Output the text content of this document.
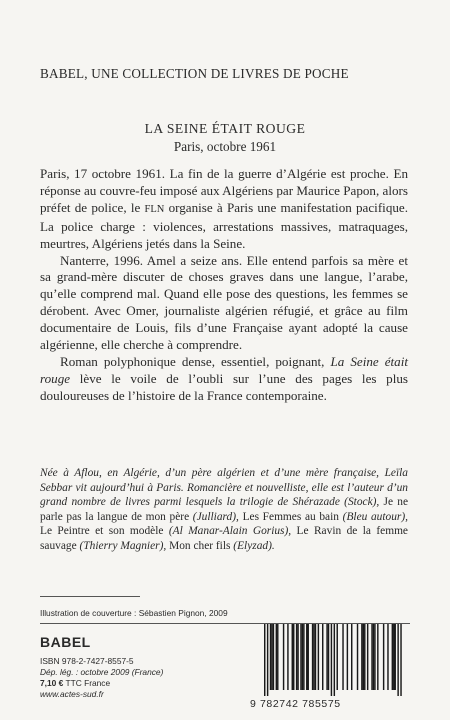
BABEL, UNE COLLECTION DE LIVRES DE POCHE
LA SEINE ÉTAIT ROUGE
Paris, octobre 1961

Paris, 17 octobre 1961. La fin de la guerre d’Algérie est proche. En réponse au couvre-feu imposé aux Algériens par Maurice Papon, alors préfet de police, le FLN organise à Paris une manifestation pacifique. La police charge : violences, arrestations massives, matraquages, meurtres, Algériens jetés dans la Seine.

Nanterre, 1996. Amel a seize ans. Elle entend parfois sa mère et sa grand-mère discuter de choses graves dans une langue, l’arabe, qu’elle comprend mal. Quand elle pose des questions, les femmes se dérobent. Avec Omer, journaliste algérien réfugié, et grâce au film documentaire de Louis, fils d’une Française ayant adopté la cause algérienne, elle cherche à comprendre.

Roman polyphonique dense, essentiel, poignant, La Seine était rouge lève le voile de l’oubli sur l’une des pages les plus douloureuses de l’histoire de la France contemporaine.

Née à Aflou, en Algérie, d’un père algérien et d’une mère française, Leïla Sebbar vit aujourd’hui à Paris. Romancière et nouvelliste, elle est l’auteur d’un grand nombre de livres parmi lesquels la trilogie de Shérazade (Stock), Je ne parle pas la langue de mon père (Julliard), Les Femmes au bain (Bleu autour), Le Peintre et son modèle (Al Manar-Alain Gorius), Le Ravin de la femme sauvage (Thierry Magnier), Mon cher fils (Elyzad).
Illustration de couverture : Sébastien Pignon, 2009
BABEL
ISBN 978-2-7427-8557-5
Dép. lég. : octobre 2009 (France)
7,10 € TTC France
www.actes-sud.fr
9 782742 785575
